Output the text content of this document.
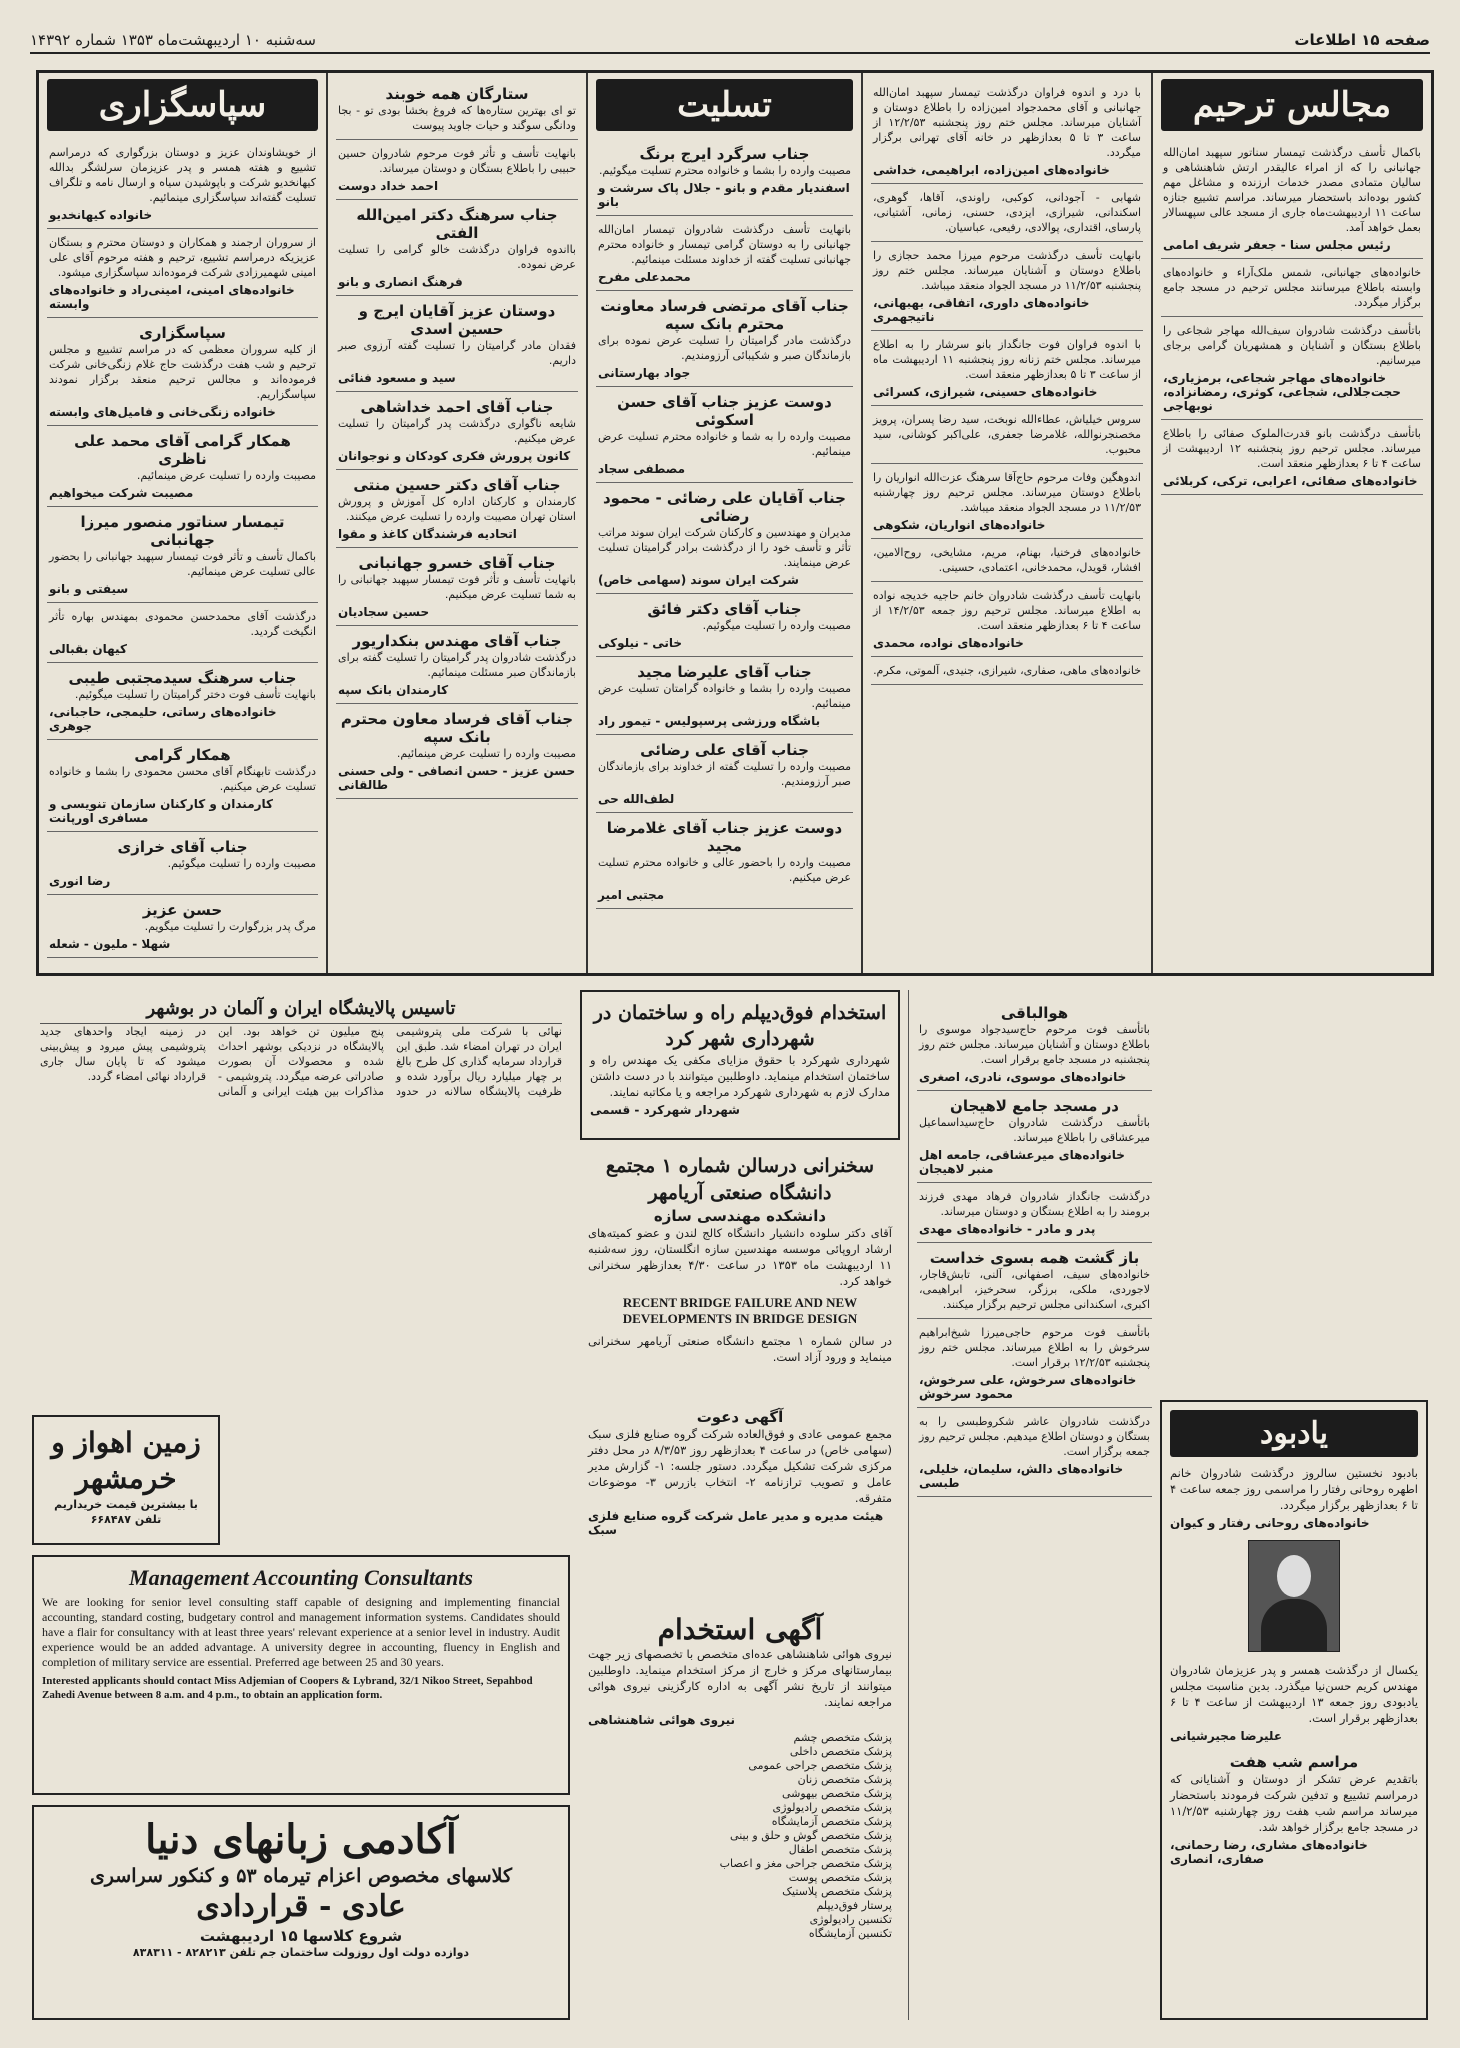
صفحه ۱۵ اطلاعات
سه‌شنبه ۱۰ اردیبهشت‌ماه ۱۳۵۳ شماره ۱۴۳۹۲
مجالس ترحیم
باکمال تأسف درگذشت تیمسار سناتور سپهبد امان‌الله جهانبانی را که از امراء عالیقدر ارتش شاهنشاهی و سالیان متمادی مصدر خدمات ارزنده و مشاغل مهم کشور بوده‌اند باستحضار میرساند. مراسم تشییع جنازه ساعت ۱۱ اردیبهشت‌ماه جاری از مسجد عالی سپهسالار بعمل خواهد آمد.
رئیس مجلس سنا - جعفر شریف امامی
خانواده‌های جهانبانی، شمس ملک‌آراء و خانواده‌های وابسته باطلاع میرسانند مجلس ترحیم در مسجد جامع برگزار میگردد.
باتأسف درگذشت شادروان سیف‌الله مهاجر شجاعی را باطلاع بستگان و آشنایان و همشهریان گرامی برجای میرسانیم.
خانواده‌های مهاجر شجاعی، برمزیاری، حجت‌جلالی، شجاعی، کوثری، رمضانزاده، نوبهاجی
باتأسف درگذشت بانو قدرت‌الملوک صفائی را باطلاع میرساند. مجلس ترحیم روز پنجشنبه ۱۲ اردیبهشت از ساعت ۴ تا ۶ بعدازظهر منعقد است.
خانواده‌های صفائی، اعرابی، ترکی، کربلائی
با درد و اندوه فراوان درگذشت تیمسار سپهبد امان‌الله جهانبانی و آقای محمدجواد امین‌زاده را باطلاع دوستان و آشنایان میرساند. مجلس ختم روز پنجشنبه ۱۲/۲/۵۳ از ساعت ۳ تا ۵ بعدازظهر در خانه آقای تهرانی برگزار میگردد.
خانواده‌های امین‌زاده، ابراهیمی، خداشی
شهابی - آجودانی، کوکبی، راوندی، آقاها، گوهری، اسکندانی، شیرازی، ایزدی، حسنی، زمانی، آشتیانی، پارسای، اقتداری، پوالادی، رفیعی، عباسیان.
بانهایت تأسف درگذشت مرحوم میرزا محمد حجازی را باطلاع دوستان و آشنایان میرساند. مجلس ختم روز پنجشنبه ۱۱/۲/۵۳ در مسجد الجواد منعقد میباشد.
خانواده‌های داوری، اتفاقی، بهبهانی، ناتیجهمری
با اندوه فراوان فوت جانگداز بانو سرشار را به اطلاع میرساند. مجلس ختم زنانه روز پنجشنبه ۱۱ اردیبهشت ماه از ساعت ۳ تا ۵ بعدازظهر منعقد است.
خانواده‌های حسینی، شیرازی، کسرائی
سروس خیلیاش، عطاءالله نوبخت، سید رضا پسران، پرویز مخصنجرنوالله، غلامرضا جعفری، علی‌اکبر کوشانی، سید محبوب.
اندوهگین وفات مرحوم حاج‌آقا سرهنگ عزت‌الله انواریان را باطلاع دوستان میرساند. مجلس ترحیم روز چهارشنبه ۱۱/۲/۵۳ در مسجد الجواد منعقد میباشد.
خانواده‌های انواریان، شکوهی
خانواده‌های فرخنیا، بهنام، مریم، مشایخی، روح‌الامین، افشار، قویدل، محمدخانی، اعتمادی، حسینی.
بانهایت تأسف درگذشت شادروان خانم حاجیه خدیجه نواده به اطلاع میرساند. مجلس ترحیم روز جمعه ۱۴/۲/۵۳ از ساعت ۴ تا ۶ بعدازظهر منعقد است.
خانواده‌های نواده، محمدی
خانواده‌های ماهی، صفاری، شیرازی، جنیدی، آلموتی، مکرم.
تسلیت
جناب سرگرد ایرج برنگ
مصیبت وارده را بشما و خانواده محترم تسلیت میگوئیم.
اسفندیار مقدم و بانو - جلال پاک سرشت و بانو
بانهایت تأسف درگذشت شادروان تیمسار امان‌الله جهانبانی را به دوستان گرامی تیمسار و خانواده محترم جهانبانی تسلیت گفته از خداوند مسئلت مینمائیم.
محمدعلی مفرح
جناب آقای مرتضی فرساد معاونت محترم بانک سپه
درگذشت مادر گرامیتان را تسلیت عرض نموده برای بازماندگان صبر و شکیبائی آرزومندیم.
جواد بهارستانی
دوست عزیز جناب آقای حسن اسکوئی
مصیبت وارده را به شما و خانواده محترم تسلیت عرض مینمائیم.
مصطفی سجاد
جناب آقایان علی رضائی - محمود رضائی
مدیران و مهندسین و کارکنان شرکت ایران سوند مراتب تأثر و تأسف خود را از درگذشت برادر گرامیتان تسلیت عرض مینمایند.
شرکت ایران سوند (سهامی خاص)
جناب آقای دکتر فائق
مصیبت وارده را تسلیت میگوئیم.
خاتی - نیلوکی
جناب آقای علیرضا مجید
مصیبت وارده را بشما و خانواده گرامتان تسلیت عرض مینمائیم.
باشگاه ورزشی پرسپولیس - تیمور راد
جناب آقای علی رضائی
مصیبت وارده را تسلیت گفته از خداوند برای بازماندگان صبر آرزومندیم.
لطف‌الله حی
دوست عزیز جناب آقای غلامرضا مجید
مصیبت وارده را باحضور عالی و خانواده محترم تسلیت عرض میکنیم.
مجتبی امیر
ستارگان همه خوبند
تو ای بهترین ستاره‌ها که فروغ بخشا بودی تو - بجا ودانگی سوگند و حیات جاوید پیوست
بانهایت تأسف و تأثر فوت مرحوم شادروان حسین حبیبی را باطلاع بستگان و دوستان میرساند.
احمد خداد دوست
جناب سرهنگ دکتر امین‌الله الفتی
بااندوه فراوان درگذشت خالو گرامی را تسلیت عرض نموده.
فرهنگ انصاری و بانو
دوستان عزیز آقایان ایرج و حسین اسدی
فقدان مادر گرامیتان را تسلیت گفته آرزوی صبر داریم.
سید و مسعود فنائی
جناب آقای احمد خداشاهی
شایعه ناگواری درگذشت پدر گرامیتان را تسلیت عرض میکنیم.
کانون پرورش فکری کودکان و نوجوانان
جناب آقای دکتر حسین منتی
کارمندان و کارکنان اداره کل آموزش و پرورش استان تهران مصیبت وارده را تسلیت عرض میکنند.
اتحادیه فرشندگان کاغذ و مقوا
جناب آقای خسرو جهانبانی
بانهایت تأسف و تأثر فوت تیمسار سپهبد جهانبانی را به شما تسلیت عرض میکنیم.
حسین سجادیان
جناب آقای مهندس بنکداریور
درگذشت شادروان پدر گرامیتان را تسلیت گفته برای بازماندگان صبر مسئلت مینمائیم.
کارمندان بانک سپه
جناب آقای فرساد معاون محترم بانک سپه
مصیبت وارده را تسلیت عرض مینمائیم.
حسن عزیز - حسن انصافی - ولی حسنی طالقانی
سپاسگزاری
از خویشاوندان عزیز و دوستان بزرگواری که درمراسم تشییع و هفته همسر و پدر عزیزمان سرلشگر بدالله کیهانخدیو شرکت و باپوشیدن سیاه و ارسال نامه و تلگراف تسلیت گفته‌اند سپاسگزاری مینمائیم.
خانواده کیهانخدیو
از سروران ارجمند و همکاران و دوستان محترم و بستگان عزیزیکه درمراسم تشییع، ترحیم و هفته مرحوم آقای علی امینی شهمیرزادی شرکت فرموده‌اند سپاسگزاری میشود.
خانواده‌های امینی، امینی‌راد و خانواده‌های وابسته
سپاسگزاری
از کلیه سروران معظمی که در مراسم تشییع و مجلس ترحیم و شب هفت درگذشت حاج غلام زنگی‌خانی شرکت فرموده‌اند و مجالس ترحیم منعقد برگزار نمودند سپاسگزاریم.
خانواده زنگی‌خانی و فامیل‌های وابسته
همکار گرامی آقای محمد علی ناظری
مصیبت وارده را تسلیت عرض مینمائیم.
مصیبت شرکت میخواهیم
تیمسار سناتور منصور میرزا جهانبانی
باکمال تأسف و تأثر فوت تیمسار سپهبد جهانبانی را بحضور عالی تسلیت عرض مینمائیم.
سیفتی و بانو
درگذشت آقای محمدحسن محمودی بمهندس بهاره تأثر انگیخت گردید.
کیهان بقبالی
جناب سرهنگ سیدمجتبی طیبی
بانهایت تأسف فوت دختر گرامیتان را تسلیت میگوئیم.
خانواده‌های رساتی، حلیمجی، حاجبانی، جوهری
همکار گرامی
درگذشت تابهنگام آقای محسن محمودی را بشما و خانواده تسلیت عرض میکنیم.
کارمندان و کارکنان سازمان تنویسی و مسافری اورپانت
جناب آقای خرازی
مصیبت وارده را تسلیت میگوئیم.
رضا انوری
حسن عزیز
مرگ پدر بزرگوارت را تسلیت میگویم.
شهلا - ملیون - شعله
یادبود
بادبود نخستین سالروز درگذشت شادروان خانم اطهره روحانی رفتار را مراسمی روز جمعه ساعت ۴ تا ۶ بعدازظهر برگزار میگردد.
خانواده‌های روحانی رفتار و کیوان
یکسال از درگذشت همسر و پدر عزیزمان شادروان مهندس کریم حسن‌نیا میگذرد. بدین مناسبت مجلس یادبودی روز جمعه ۱۳ اردیبهشت از ساعت ۴ تا ۶ بعدازظهر برقرار است.
علیرضا مجیرشیانی
مراسم شب هفت
باتقدیم عرض تشکر از دوستان و آشنایانی که درمراسم تشییع و تدفین شرکت فرمودند باستحضار میرساند مراسم شب هفت روز چهارشنبه ۱۱/۲/۵۳ در مسجد جامع برگزار خواهد شد.
خانواده‌های مشاری، رضا رحمانی، صفاری، انصاری
استخدام فوق‌دیپلم راه و ساختمان در شهرداری شهر کرد
شهرداری شهرکرد با حقوق مزایای مکفی یک مهندس راه و ساختمان استخدام مینماید. داوطلبین میتوانند با در دست داشتن مدارک لازم به شهرداری شهرکرد مراجعه و یا مکاتبه نمایند.
شهردار شهرکرد - قسمی
سخنرانی درسالن شماره ۱ مجتمع دانشگاه صنعتی آریامهر
دانشکده مهندسی سازه
آقای دکتر سلوده دانشیار دانشگاه کالج لندن و عضو کمیته‌های ارشاد اروپائی موسسه مهندسین سازه انگلستان، روز سه‌شنبه ۱۱ اردیبهشت ماه ۱۳۵۳ در ساعت ۴/۳۰ بعدازظهر سخنرانی خواهد کرد.
RECENT BRIDGE FAILURE AND NEW DEVELOPMENTS IN BRIDGE DESIGN
در سالن شماره ۱ مجتمع دانشگاه صنعتی آریامهر سخنرانی مینماید و ورود آزاد است.
آگهی دعوت
مجمع عمومی عادی و فوق‌العاده شرکت گروه صنایع فلزی سبک (سهامی خاص) در ساعت ۴ بعدازظهر روز ۸/۳/۵۳ در محل دفتر مرکزی شرکت تشکیل میگردد. دستور جلسه: ۱- گزارش مدیر عامل و تصویب ترازنامه ۲- انتخاب بازرس ۳- موضوعات متفرقه.
هیئت مدیره و مدیر عامل شرکت گروه صنایع فلزی سبک
آگهی استخدام
نیروی هوائی شاهنشاهی عده‌ای متخصص با تخصصهای زیر جهت بیمارستانهای مرکز و خارج از مرکز استخدام مینماید. داوطلبین میتوانند از تاریخ نشر آگهی به اداره کارگزینی نیروی هوائی مراجعه نمایند.
نیروی هوائی شاهنشاهی
پزشک متخصص چشم
پزشک متخصص داخلی
پزشک متخصص جراحی عمومی
پزشک متخصص زنان
پزشک متخصص بیهوشی
پزشک متخصص رادیولوژی
پزشک متخصص آزمایشگاه
پزشک متخصص گوش و حلق و بینی
پزشک متخصص اطفال
پزشک متخصص جراحی مغز و اعصاب
پزشک متخصص پوست
پزشک متخصص پلاستیک
پرستار فوق‌دیپلم
تکنسین رادیولوژی
تکنسین آزمایشگاه
تاسیس پالایشگاه ایران و آلمان در بوشهر
نهائی با شرکت ملی پتروشیمی ایران در تهران امضاء شد. طبق این قرارداد سرمایه گذاری کل طرح بالغ بر چهار میلیارد ریال برآورد شده و ظرفیت پالایشگاه سالانه در حدود پنج میلیون تن خواهد بود. این پالایشگاه در نزدیکی بوشهر احداث شده و محصولات آن بصورت صادراتی عرضه میگردد. پتروشیمی - مذاکرات بین هیئت ایرانی و آلمانی در زمینه ایجاد واحدهای جدید پتروشیمی پیش میرود و پیش‌بینی میشود که تا پایان سال جاری قرارداد نهائی امضاء گردد.
زمین اهواز و خرمشهر
با بیشترین قیمت خریداریم
تلفن ۶۶۸۴۸۷
Management Accounting Consultants
We are looking for senior level consulting staff capable of designing and implementing financial accounting, standard costing, budgetary control and management information systems. Candidates should have a flair for consultancy with at least three years' relevant experience at a senior level in industry. Audit experience would be an added advantage. A university degree in accounting, fluency in English and completion of military service are essential. Preferred age between 25 and 30 years.
Interested applicants should contact Miss Adjemian of Coopers & Lybrand, 32/1 Nikoo Street, Sepahbod Zahedi Avenue between 8 a.m. and 4 p.m., to obtain an application form.
آکادمی زبانهای دنیا
کلاسهای مخصوص اعزام تیرماه ۵۳ و کنکور سراسری
عادی - قراردادی
شروع کلاسها ۱۵ اردیبهشت
دوازده دولت اول روزولت ساختمان جم تلفن ۸۲۸۲۱۳ - ۸۳۸۳۱۱
هوالباقی
باتأسف فوت مرحوم حاج‌سیدجواد موسوی را باطلاع دوستان و آشنایان میرساند. مجلس ختم روز پنجشنبه در مسجد جامع برقرار است.
خانواده‌های موسوی، نادری، اصغری
در مسجد جامع لاهیجان
باتأسف درگذشت شادروان حاج‌سیداسماعیل میرعشاقی را باطلاع میرساند.
خانواده‌های میرعشاقی، جامعه اهل منبر لاهیجان
درگذشت جانگداز شادروان فرهاد مهدی فرزند برومند را به اطلاع بستگان و دوستان میرساند.
پدر و مادر - خانواده‌های مهدی
باز گشت همه بسوی خداست
خانواده‌های سیف، اصفهانی، آلنی، تابش‌قاجار، لاجوردی، ملکی، برزگر، سحرخیز، ابراهیمی، اکبری، اسکندانی مجلس ترحیم برگزار میکنند.
باتأسف فوت مرحوم حاجی‌میرزا شیخ‌ابراهیم سرخوش را به اطلاع میرساند. مجلس ختم روز پنجشنبه ۱۲/۲/۵۳ برقرار است.
خانواده‌های سرخوش، علی سرخوش، محمود سرخوش
درگذشت شادروان عاشر شکروطبسی را به بستگان و دوستان اطلاع میدهیم. مجلس ترحیم روز جمعه برگزار است.
خانواده‌های دالش، سلیمان، خلیلی، طبسی
